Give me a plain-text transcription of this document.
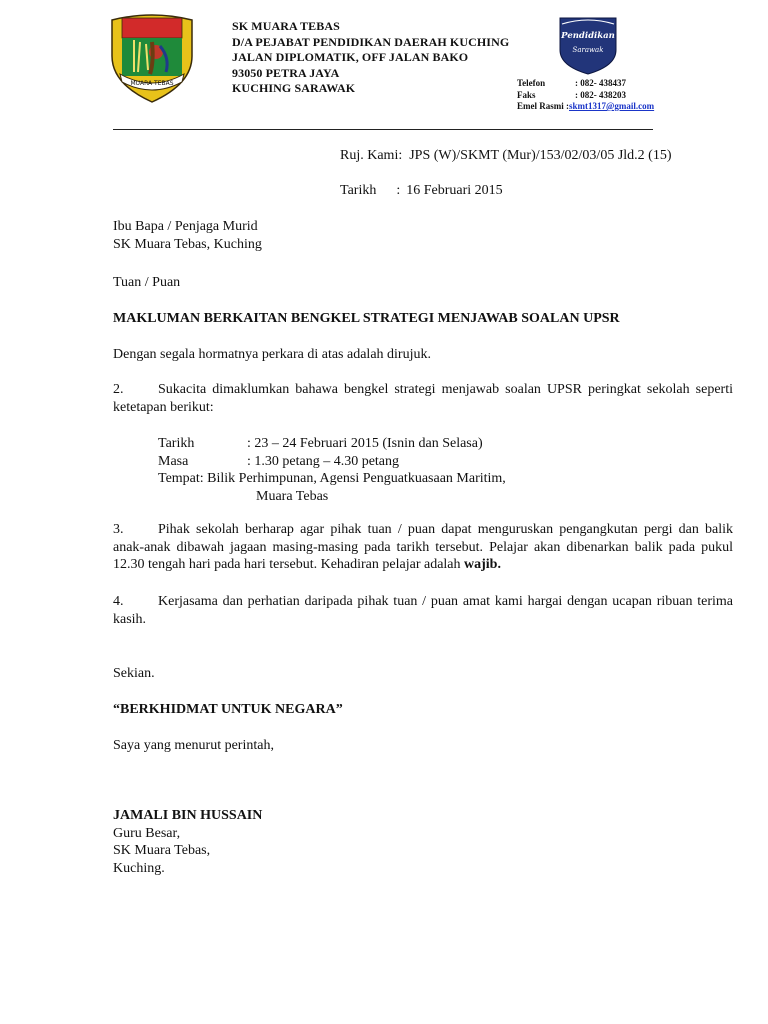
MUARA TEBAS
SK MUARA TEBAS
D/A PEJABAT PENDIDIKAN DAERAH KUCHING
JALAN DIPLOMATIK, OFF JALAN BAKO
93050 PETRA JAYA
KUCHING SARAWAK
Pendidikan
Sarawak
Telefon	: 082- 438437
Faks	: 082- 438203
Emel Rasmi : skmt1317@gmail.com
Ruj. Kami: JPS (W)/SKMT (Mur)/153/02/03/05 Jld.2 (15)
Tarikh : 16 Februari 2015
Ibu Bapa / Penjaga Murid
SK Muara Tebas, Kuching
Tuan / Puan
MAKLUMAN BERKAITAN BENGKEL STRATEGI MENJAWAB SOALAN UPSR
Dengan segala hormatnya perkara di atas adalah dirujuk.
2. Sukacita dimaklumkan bahawa bengkel strategi menjawab soalan UPSR peringkat sekolah seperti ketetapan berikut:
Tarikh	: 23 – 24 Februari 2015 (Isnin dan Selasa)
Masa	: 1.30 petang – 4.30 petang
Tempat: Bilik Perhimpunan, Agensi Penguatkuasaan Maritim,
Muara Tebas
3. Pihak sekolah berharap agar pihak tuan / puan dapat menguruskan pengangkutan pergi dan balik anak-anak dibawah jagaan masing-masing pada tarikh tersebut. Pelajar akan dibenarkan balik pada pukul 12.30 tengah hari pada hari tersebut. Kehadiran pelajar adalah wajib.
4. Kerjasama dan perhatian daripada pihak tuan / puan amat kami hargai dengan ucapan ribuan terima kasih.
Sekian.
“BERKHIDMAT UNTUK NEGARA”
Saya yang menurut perintah,
JAMALI BIN HUSSAIN
Guru Besar,
SK Muara Tebas,
Kuching.
